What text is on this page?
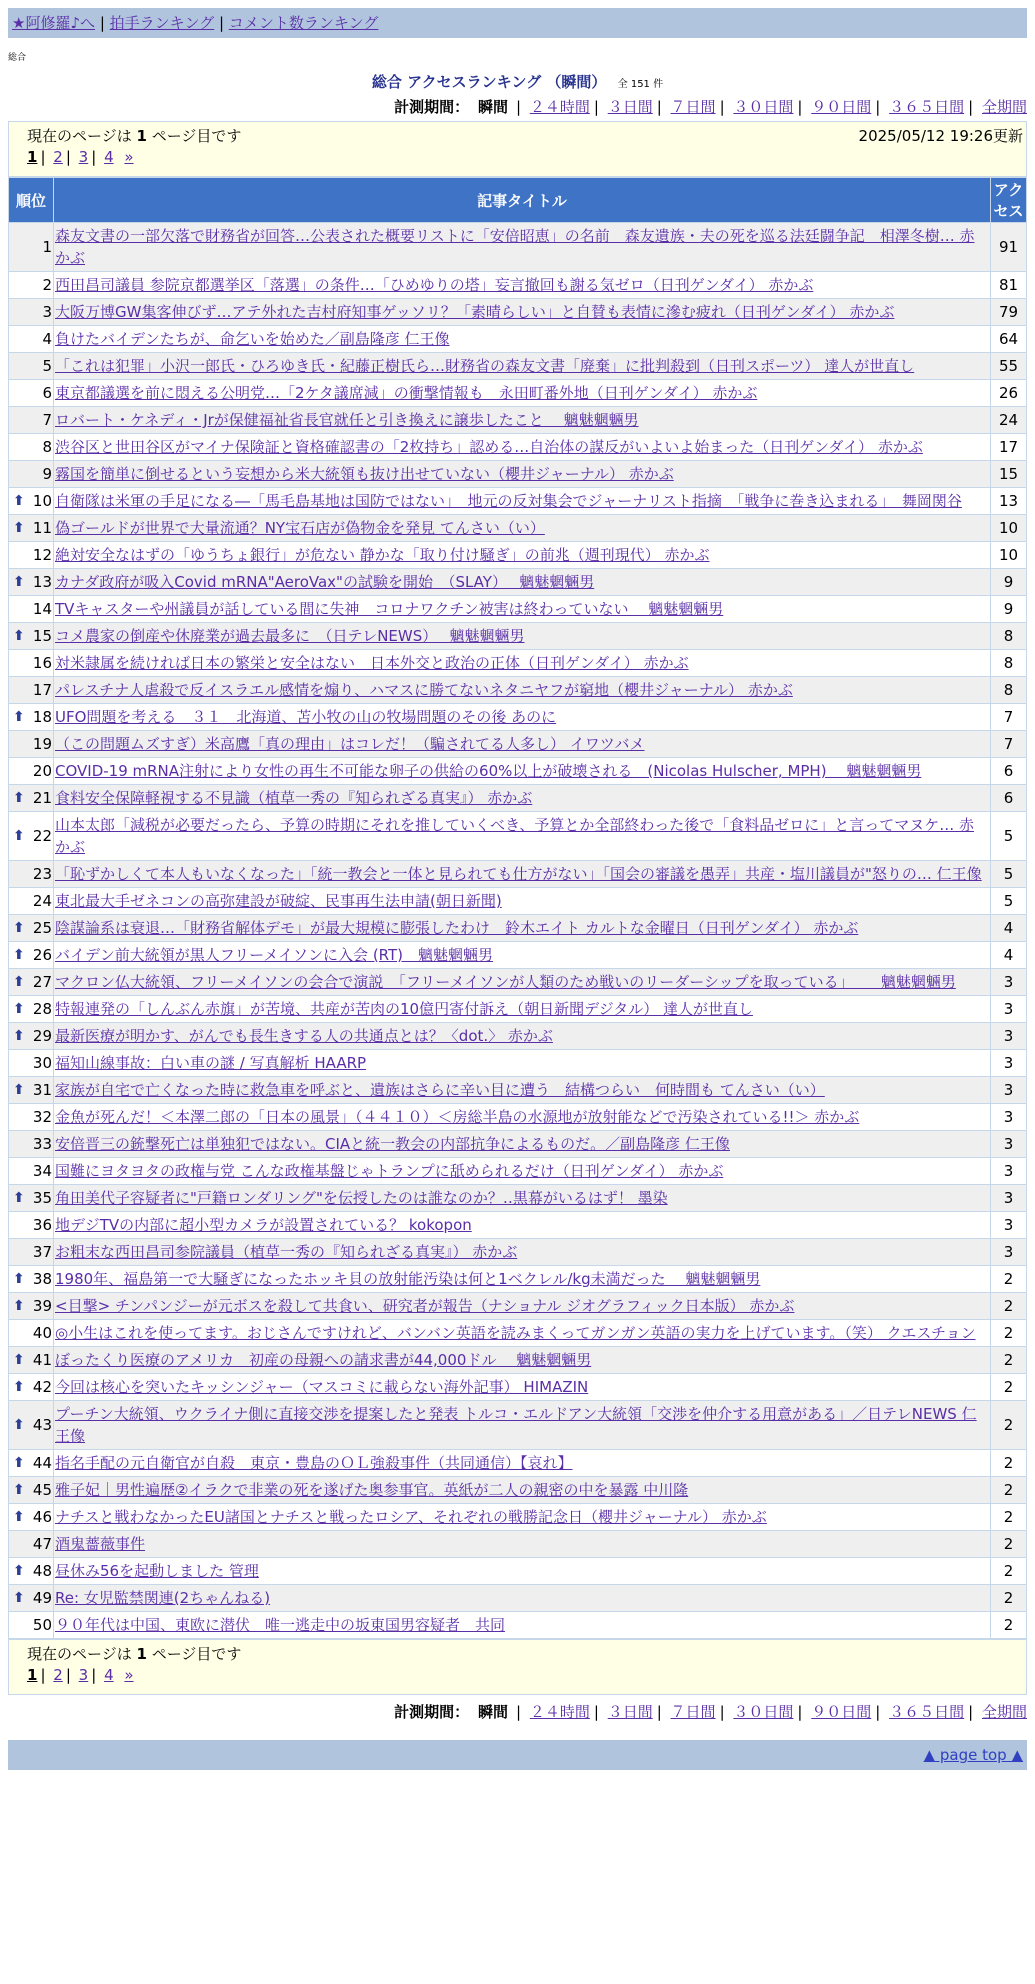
★阿修羅♪へ | 拍手ランキング | コメント数ランキング
総合
総合 アクセスランキング （瞬間） 全 151 件
計測期間： 瞬間 | ２４時間 | ３日間 | ７日間 | ３０日間 | ９０日間 | ３６５日間 | 全期間
現在のページは 1 ページ目です	2025/05/12 19:26更新
1 | 2 | 3 | 4 »
順位	記事タイトル	アクセス
1	森友文書の一部欠落で財務省が回答…公表された概要リストに「安倍昭恵」の名前　森友遺族・夫の死を巡る法廷闘争記　相澤冬樹… 赤かぶ	91
2	西田昌司議員 参院京都選挙区「落選」の条件…「ひめゆりの塔」妄言撤回も謝る気ゼロ（日刊ゲンダイ） 赤かぶ	81
3	大阪万博GW集客伸びず…アテ外れた吉村府知事ゲッソリ？「素晴らしい」と自賛も表情に滲む疲れ（日刊ゲンダイ） 赤かぶ	79
4	負けたバイデンたちが、命乞いを始めた／副島隆彦 仁王像	64
5	「これは犯罪」小沢一郎氏・ひろゆき氏・紀藤正樹氏ら…財務省の森友文書「廃棄」に批判殺到（日刊スポーツ） 達人が世直し	55
6	東京都議選を前に悶える公明党…「2ケタ議席減」の衝撃情報も　永田町番外地（日刊ゲンダイ） 赤かぶ	26
7	ロバート・ケネディ・Jrが保健福祉省長官就任と引き換えに譲歩したこと　 魑魅魍魎男	24
8	渋谷区と世田谷区がマイナ保険証と資格確認書の「2枚持ち」認める…自治体の謀反がいよいよ始まった（日刊ゲンダイ） 赤かぶ	17
9	霧国を簡単に倒せるという妄想から米大統領も抜け出せていない（櫻井ジャーナル） 赤かぶ	15

⬆ 10	自衛隊は米軍の手足になる―「馬毛島基地は国防ではない」　地元の反対集会でジャーナリスト指摘　「戦争に巻き込まれる」　舞岡関谷	13

⬆ 11	偽ゴールドが世界で大量流通？NY宝石店が偽物金を発見 てんさい（い）	10
12	絶対安全なはずの「ゆうちょ銀行」が危ない 静かな「取り付け騒ぎ」の前兆（週刊現代） 赤かぶ	10

⬆ 13	カナダ政府が吸入Covid mRNA"AeroVax"の試験を開始　（SLAY）　 魑魅魍魎男	9
14	TVキャスターや州議員が話している間に失神　コロナワクチン被害は終わっていない　 魑魅魍魎男	9

⬆ 15	コメ農家の倒産や休廃業が過去最多に　（日テレNEWS）　 魑魅魍魎男	8
16	対米隷属を続ければ日本の繁栄と安全はない　日本外交と政治の正体（日刊ゲンダイ） 赤かぶ	8
17	パレスチナ人虐殺で反イスラエル感情を煽り、ハマスに勝てないネタニヤフが窮地（櫻井ジャーナル） 赤かぶ	8

⬆ 18	UFO問題を考える　３１　北海道、苫小牧の山の牧場問題のその後 あのに	7
19	（この問題ムズすぎ）米高鷹「真の理由」はコレだ！（騙されてる人多し） イワツバメ	7
20	COVID-19 mRNA注射により女性の再生不可能な卵子の供給の60%以上が破壊される　(Nicolas Hulscher, MPH)　 魑魅魍魎男	6

⬆ 21	食料安全保障軽視する不見識（植草一秀の『知られざる真実』） 赤かぶ	6

⬆ 22	山本太郎「減税が必要だったら、予算の時期にそれを推していくべき、予算とか全部終わった後で「食料品ゼロに」と言ってマヌケ… 赤かぶ	5
23	「恥ずかしくて本人もいなくなった」「統一教会と一体と見られても仕方がない」「国会の審議を愚弄」共産・塩川議員が"怒りの… 仁王像	5
24	東北最大手ゼネコンの高弥建設が破綻、民事再生法申請(朝日新聞)	5

⬆ 25	陰謀論系は衰退…「財務省解体デモ」が最大規模に膨張したわけ　鈴木エイト カルトな金曜日（日刊ゲンダイ） 赤かぶ	4

⬆ 26	バイデン前大統領が黒人フリーメイソンに入会 (RT)　魑魅魍魎男	4

⬆ 27	マクロン仏大統領、フリーメイソンの会合で演説　「フリーメイソンが人類のため戦いのリーダーシップを取っている」　　 魑魅魍魎男	3

⬆ 28	特報連発の「しんぶん赤旗」が苦境、共産が苦肉の10億円寄付訴え（朝日新聞デジタル） 達人が世直し	3

⬆ 29	最新医療が明かす、がんでも長生きする人の共通点とは？〈dot.〉 赤かぶ	3
30	福知山線事故：白い車の謎 / 写真解析 HAARP	3

⬆ 31	家族が自宅で亡くなった時に救急車を呼ぶと、遺族はさらに辛い目に遭う　結構つらい　何時間も てんさい（い）	3
32	金魚が死んだ！＜本澤二郎の「日本の風景」（４４１０）＜房総半島の水源地が放射能などで汚染されている!!＞ 赤かぶ	3
33	安倍晋三の銃撃死亡は単独犯ではない。CIAと統一教会の内部抗争によるものだ。／副島隆彦 仁王像	3
34	国難にヨタヨタの政権与党 こんな政権基盤じゃトランプに舐められるだけ（日刊ゲンダイ） 赤かぶ	3

⬆ 35	角田美代子容疑者に"戸籍ロンダリング"を伝授したのは誰なのか？‥黒幕がいるはず！ 墨染	3
36	地デジTVの内部に超小型カメラが設置されている？ kokopon	3
37	お粗末な西田昌司参院議員（植草一秀の『知られざる真実』） 赤かぶ	3

⬆ 38	1980年、福島第一で大騒ぎになったホッキ貝の放射能汚染は何と1ベクレル/kg未満だった　 魑魅魍魎男	2

⬆ 39	<目撃> チンパンジーが元ボスを殺して共食い、研究者が報告（ナショナル ジオグラフィック日本版） 赤かぶ	2
40	◎小生はこれを使ってます。おじさんですけれど、バンバン英語を読みまくってガンガン英語の実力を上げています。（笑） クエスチョン	2

⬆ 41	ぼったくり医療のアメリカ　初産の母親への請求書が44,000ドル　 魑魅魍魎男	2

⬆ 42	今回は核心を突いたキッシンジャー（マスコミに載らない海外記事） HIMAZIN	2

⬆ 43	プーチン大統領、ウクライナ側に直接交渉を提案したと発表 トルコ・エルドアン大統領「交渉を仲介する用意がある」／日テレNEWS 仁王像	2

⬆ 44	指名手配の元自衛官が自殺　東京・豊島のＯＬ強殺事件（共同通信）【哀れ】	2

⬆ 45	雅子妃｜男性遍歴②イラクで非業の死を遂げた奥参事官。英紙が二人の親密の中を暴露 中川隆	2

⬆ 46	ナチスと戦わなかったEU諸国とナチスと戦ったロシア、それぞれの戦勝記念日（櫻井ジャーナル） 赤かぶ	2
47	酒鬼薔薇事件	2

⬆ 48	昼休み56を起動しました 管理	2

⬆ 49	Re: 女児監禁関連(2ちゃんねる)	2
50	９０年代は中国、東欧に潜伏　唯一逃走中の坂東国男容疑者　共同	2
現在のページは 1 ページ目です
1 | 2 | 3 | 4 »
計測期間： 瞬間 | ２４時間 | ３日間 | ７日間 | ３０日間 | ９０日間 | ３６５日間 | 全期間
▲ page top ▲
